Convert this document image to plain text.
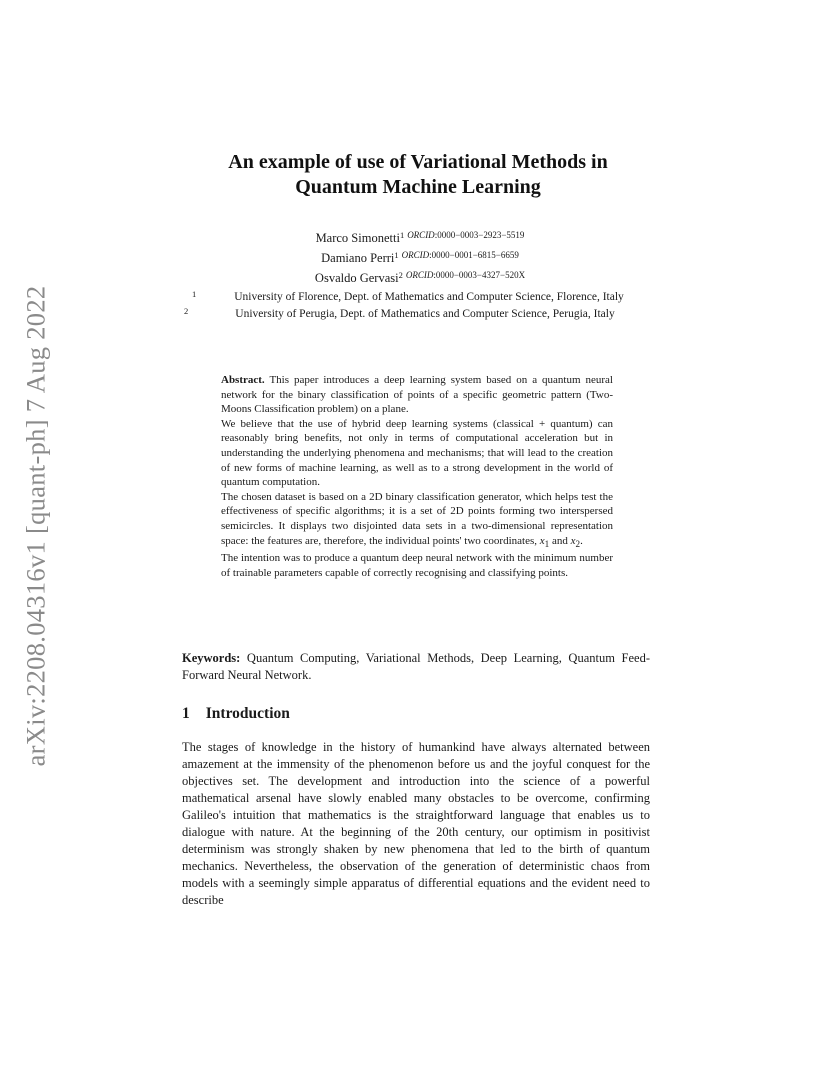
arXiv:2208.04316v1 [quant-ph] 7 Aug 2022
An example of use of Variational Methods in
Quantum Machine Learning
Marco Simonetti$^1$ $^{ORCID:0000-0003-2923-5519}$
Damiano Perri$^1$ $^{ORCID:0000-0001-6815-6659}$
Osvaldo Gervasi$^2$ $^{ORCID:0000-0003-4327-520X}$
1	University of Florence, Dept. of Mathematics and Computer Science, Florence, Italy
2	University of Perugia, Dept. of Mathematics and Computer Science, Perugia, Italy

Abstract. This paper introduces a deep learning system based on a quantum neural network for the binary classification of points of a specific geometric pattern (Two-Moons Classification problem) on a plane.

We believe that the use of hybrid deep learning systems (classical + quantum) can reasonably bring benefits, not only in terms of computational acceleration but in understanding the underlying phenomena and mechanisms; that will lead to the creation of new forms of machine learning, as well as to a strong development in the world of quantum computation.

The chosen dataset is based on a 2D binary classification generator, which helps test the effectiveness of specific algorithms; it is a set of 2D points forming two interspersed semicircles. It displays two disjointed data sets in a two-dimensional representation space: the features are, therefore, the individual points' two coordinates, $x_1$ and $x_2$.

The intention was to produce a quantum deep neural network with the minimum number of trainable parameters capable of correctly recognising and classifying points.

Keywords: Quantum Computing, Variational Methods, Deep Learning, Quantum Feed-Forward Neural Network.
1 Introduction

The stages of knowledge in the history of humankind have always alternated between amazement at the immensity of the phenomenon before us and the joyful conquest for the objectives set. The development and introduction into the science of a powerful mathematical arsenal have slowly enabled many obstacles to be overcome, confirming Galileo's intuition that mathematics is the straightforward language that enables us to dialogue with nature. At the beginning of the 20th century, our optimism in positivist determinism was strongly shaken by new phenomena that led to the birth of quantum mechanics. Nevertheless, the observation of the generation of deterministic chaos from models with a seemingly simple apparatus of differential equations and the evident need to describe
